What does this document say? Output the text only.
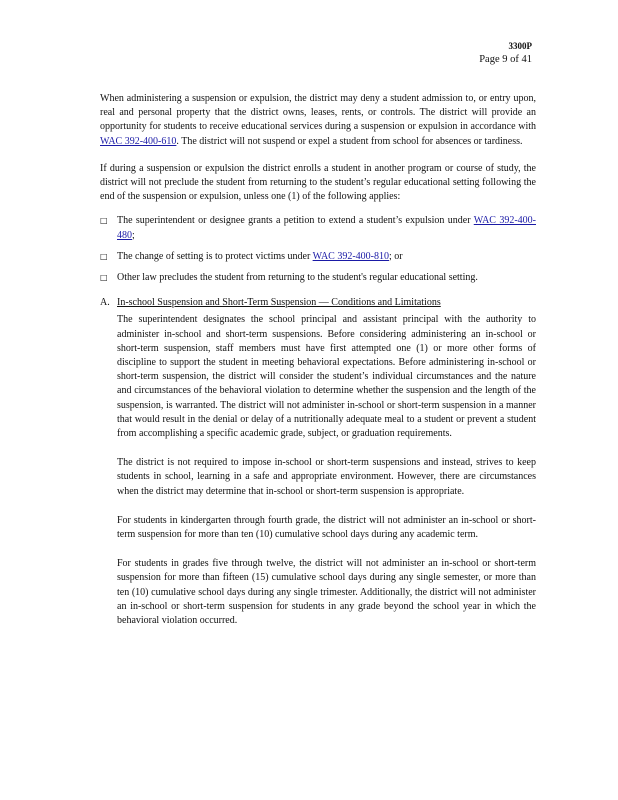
3300P
Page 9 of 41

When administering a suspension or expulsion, the district may deny a student admission to, or entry upon, real and personal property that the district owns, leases, rents, or controls. The district will provide an opportunity for students to receive educational services during a suspension or expulsion in accordance with WAC 392-400-610. The district will not suspend or expel a student from school for absences or tardiness.

If during a suspension or expulsion the district enrolls a student in another program or course of study, the district will not preclude the student from returning to the student’s regular educational setting following the end of the suspension or expulsion, unless one (1) of the following applies:

□ The superintendent or designee grants a petition to extend a student’s expulsion under WAC 392-400-480;
□ The change of setting is to protect victims under WAC 392-400-810; or
□ Other law precludes the student from returning to the student's regular educational setting.
A. In-school Suspension and Short-Term Suspension — Conditions and Limitations

The superintendent designates the school principal and assistant principal with the authority to administer in-school and short-term suspensions. Before considering administering an in-school or short-term suspension, staff members must have first attempted one (1) or more other forms of discipline to support the student in meeting behavioral expectations. Before administering in-school or short-term suspension, the district will consider the student’s individual circumstances and the nature and circumstances of the behavioral violation to determine whether the suspension and the length of the suspension, is warranted. The district will not administer in-school or short-term suspension in a manner that would result in the denial or delay of a nutritionally adequate meal to a student or prevent a student from accomplishing a specific academic grade, subject, or graduation requirements.

The district is not required to impose in-school or short-term suspensions and instead, strives to keep students in school, learning in a safe and appropriate environment. However, there are circumstances when the district may determine that in-school or short-term suspension is appropriate.

For students in kindergarten through fourth grade, the district will not administer an in-school or short-term suspension for more than ten (10) cumulative school days during any academic term.

For students in grades five through twelve, the district will not administer an in-school or short-term suspension for more than fifteen (15) cumulative school days during any single semester, or more than ten (10) cumulative school days during any single trimester. Additionally, the district will not administer an in-school or short-term suspension for students in any grade beyond the school year in which the behavioral violation occurred.
